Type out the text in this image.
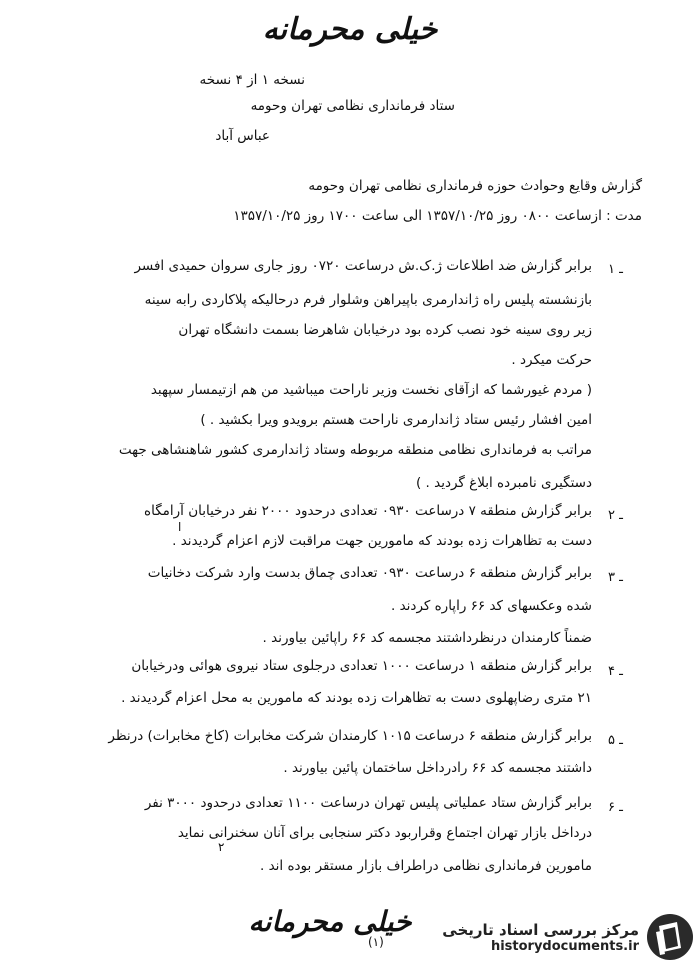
خیلی محرمانه
نسخه ۱ از ۴ نسخه
ستاد فرمانداری نظامی تهران وحومه
عباس آباد
گزارش وقایع وحوادث حوزه فرمانداری نظامی تهران وحومه
مدت : ازساعت ۰۸۰۰ روز ۱۳۵۷/۱۰/۲۵ الی ساعت ۱۷۰۰ روز ۱۳۵۷/۱۰/۲۵
۱ ـ
برابر گزارش ضد اطلاعات ژ.ک.ش درساعت ۰۷۲۰ روز جاری سروان حمیدی افسر
بازنشسته پلیس راه ژاندارمری باپیراهن وشلوار فرم درحالیکه پلاکاردی رابه سینه
زیر روی سینه خود نصب کرده بود درخیابان شاهرضا بسمت دانشگاه تهران
حرکت میکرد .
( مردم غیورشما که ازآقای نخست وزیر ناراحت میباشید من هم ازتیمسار سپهبد
امین افشار رئیس ستاد ژاندارمری ناراحت هستم برویدو ویرا بکشید . )
مراتب به فرمانداری نظامی منطقه مربوطه وستاد ژاندارمری کشور شاهنشاهی جهت
دستگیری نامبرده ابلاغ گردید . )
۲ ـ
برابر گزارش منطقه ۷ درساعت ۰۹۳۰ تعدادی درحدود ۲۰۰۰ نفر درخیابان آرامگاه
دست به تظاهرات زده بودند که مامورین جهت مراقبت لازم اعزام گردیدند .
ا
۳ ـ
برابر گزارش منطقه ۶ درساعت ۰۹۳۰ تعدادی چماق بدست وارد شرکت دخانیات
شده وعکسهای کد ۶۶ راپاره کردند .
ضمناً کارمندان درنظرداشتند مجسمه کد ۶۶ راپائین بیاورند .
۴ ـ
برابر گزارش منطقه ۱ درساعت ۱۰۰۰ تعدادی درجلوی ستاد نیروی هوائی ودرخیابان
۲۱ متری رضاپهلوی دست به تظاهرات زده بودند که مامورین به محل اعزام گردیدند .
۵ ـ
برابر گزارش منطقه ۶ درساعت ۱۰۱۵ کارمندان شرکت مخابرات (کاخ مخابرات) درنظر
داشتند مجسمه کد ۶۶ رادرداخل ساختمان پائین بیاورند .
۶ ـ
برابر گزارش ستاد عملیاتی پلیس تهران درساعت ۱۱۰۰ تعدادی درحدود ۳۰۰۰ نفر
درداخل بازار تهران اجتماع وقراربود دکتر سنجابی برای آنان سخنرانی نماید
۲
مامورین فرمانداری نظامی دراطراف بازار مستقر بوده اند .
خیلی محرمانه
(۱)
مرکز بررسی اسناد تاریخی
historydocuments.ir
